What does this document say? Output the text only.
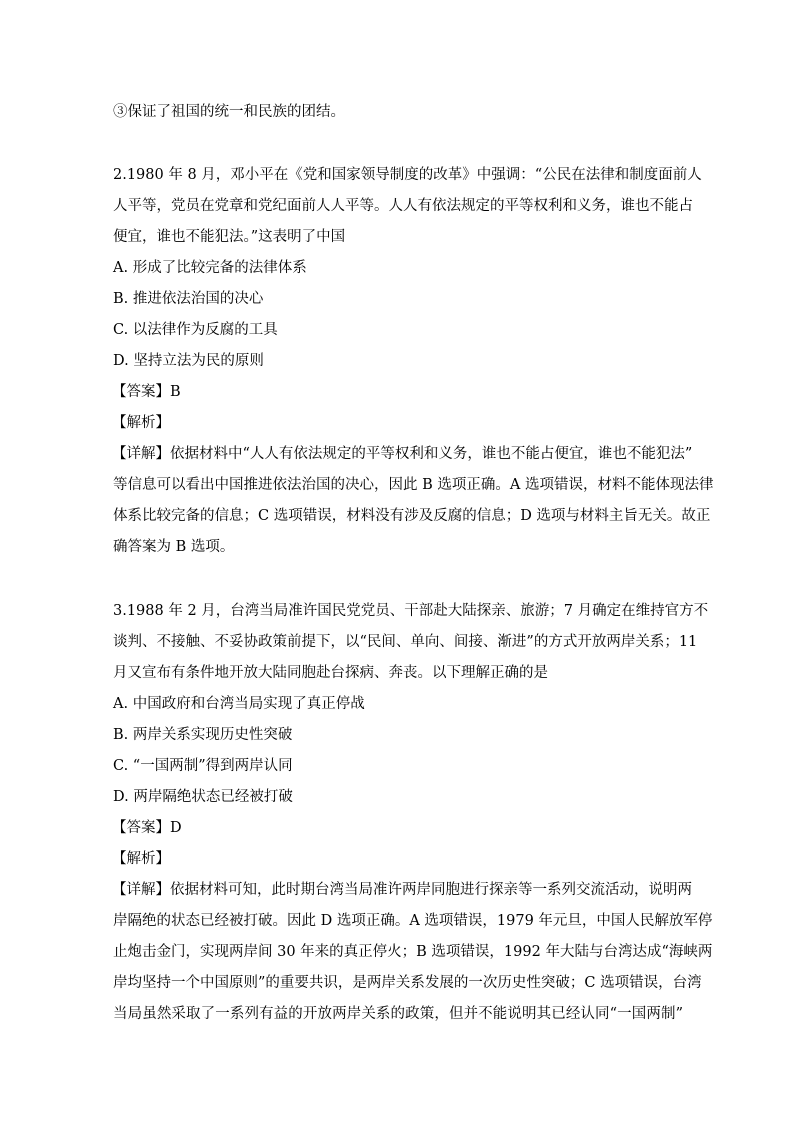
③保证了祖国的统一和民族的团结。
2.1980 年 8 月，邓小平在《党和国家领导制度的改革》中强调：“公民在法律和制度面前人
人平等，党员在党章和党纪面前人人平等。人人有依法规定的平等权利和义务，谁也不能占
便宜，谁也不能犯法。”这表明了中国
A. 形成了比较完备的法律体系
B. 推进依法治国的决心
C. 以法律作为反腐的工具
D. 坚持立法为民的原则
【答案】B
【解析】
【详解】依据材料中“人人有依法规定的平等权利和义务，谁也不能占便宜，谁也不能犯法”
等信息可以看出中国推进依法治国的决心，因此 B 选项正确。A 选项错误，材料不能体现法律
体系比较完备的信息；C 选项错误，材料没有涉及反腐的信息；D 选项与材料主旨无关。故正
确答案为 B 选项。
3.1988 年 2 月，台湾当局准许国民党党员、干部赴大陆探亲、旅游；7 月确定在维持官方不
谈判、不接触、不妥协政策前提下，以“民间、单向、间接、渐进”的方式开放两岸关系；11
月又宣布有条件地开放大陆同胞赴台探病、奔丧。以下理解正确的是
A. 中国政府和台湾当局实现了真正停战
B. 两岸关系实现历史性突破
C. “一国两制”得到两岸认同
D. 两岸隔绝状态已经被打破
【答案】D
【解析】
【详解】依据材料可知，此时期台湾当局准许两岸同胞进行探亲等一系列交流活动，说明两
岸隔绝的状态已经被打破。因此 D 选项正确。A 选项错误，1979 年元旦，中国人民解放军停
止炮击金门，实现两岸间 30 年来的真正停火；B 选项错误，1992 年大陆与台湾达成“海峡两
岸均坚持一个中国原则”的重要共识，是两岸关系发展的一次历史性突破；C 选项错误，台湾
当局虽然采取了一系列有益的开放两岸关系的政策，但并不能说明其已经认同“一国两制”
